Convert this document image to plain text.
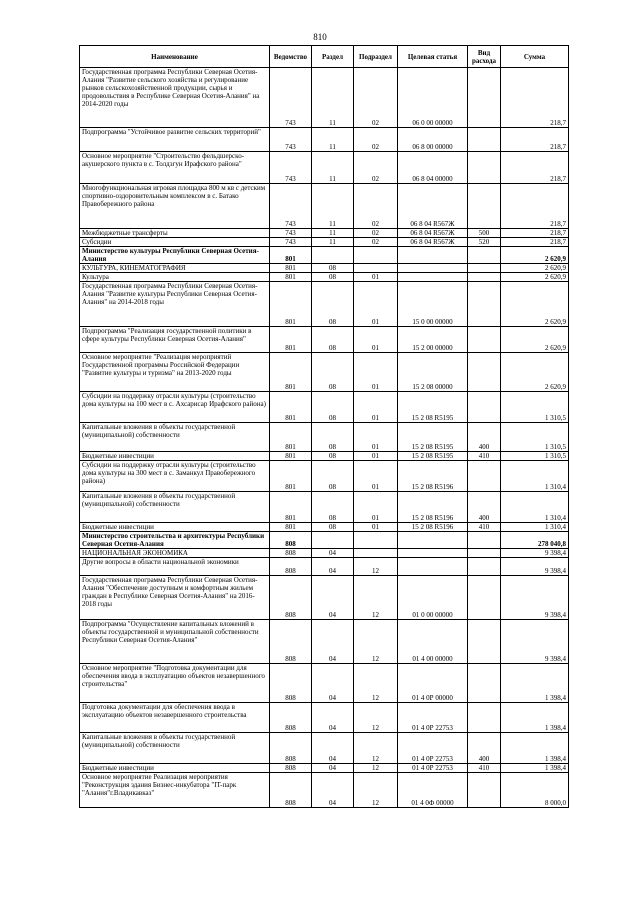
810
Наименование	Ведомство	Раздел	Подраздел	Целевая статья	Вид расхода	Сумма
Государственная программа Республики Северная Осетия-Алания "Развитие сельского хозяйства и регулирование рынков сельскохозяйственной продукции, сырья и продовольствия в Республике Северная Осетия-Алания" на 2014-2020 годы	743	11	02	06 0 00 00000		218,7
Подпрограмма "Устойчивое развитие сельских территорий"	743	11	02	06 8 00 00000		218,7
Основное мероприятие "Строительство фельдшерско-акушерского пункта в с. Толдзгун Ирафского района"	743	11	02	06 8 04 00000		218,7
Многофункциональная игровая площадка 800 м кв с детским спортивно-оздоровительным комплексом в с. Батако Правобережного района	743	11	02	06 8 04 R567Ж		218,7
Межбюджетные трансферты	743	11	02	06 8 04 R567Ж	500	218,7
Субсидии	743	11	02	06 8 04 R567Ж	520	218,7
Министерство культуры Республики Северная Осетия-Алания	801					2 620,9
КУЛЬТУРА, КИНЕМАТОГРАФИЯ	801	08				2 620,9
Культура	801	08	01			2 620,9
Государственная программа Республики Северная Осетия-Алания "Развитие культуры Республики Северная Осетия-Алания" на 2014-2018 годы	801	08	01	15 0 00 00000		2 620,9
Подпрограмма "Реализация государственной политики в сфере культуры Республики Северная Осетия-Алания"	801	08	01	15 2 00 00000		2 620,9
Основное мероприятие "Реализация мероприятий Государственной программы Российской Федерации "Развитие культуры и туризма" на 2013-2020 годы	801	08	01	15 2 08 00000		2 620,9
Субсидии на поддержку отрасли культуры (строительство дома культуры на 100 мест в с. Ахсарисар Ирафского района)	801	08	01	15 2 08 R5195		1 310,5
Капитальные вложения в объекты государственной (муниципальной) собственности	801	08	01	15 2 08 R5195	400	1 310,5
Бюджетные инвестиции	801	08	01	15 2 08 R5195	410	1 310,5
Субсидии на поддержку отрасли культуры (строительство дома культуры на 300 мест в с. Заманкул Правобережного района)	801	08	01	15 2 08 R5196		1 310,4
Капитальные вложения в объекты государственной (муниципальной) собственности	801	08	01	15 2 08 R5196	400	1 310,4
Бюджетные инвестиции	801	08	01	15 2 08 R5196	410	1 310,4
Министерство строительства и архитектуры Республики Северная Осетия-Алания	808					278 040,8
НАЦИОНАЛЬНАЯ ЭКОНОМИКА	808	04				9 398,4
Другие вопросы в области национальной экономики	808	04	12			9 398,4
Государственная программа Республики Северная Осетия-Алания "Обеспечение доступным и комфортным жильем граждан в Республике Северная Осетия-Алания" на 2016-2018 годы	808	04	12	01 0 00 00000		9 398,4
Подпрограмма "Осуществление капитальных вложений в объекты государственной и муниципальной собственности Республики Северная Осетия-Алания"	808	04	12	01 4 00 00000		9 398,4
Основное мероприятие "Подготовка документации для обеспечения ввода в эксплуатацию объектов незавершенного строительства"	808	04	12	01 4 0Р 00000		1 398,4
Подготовка документации для обеспечения ввода в эксплуатацию объектов незавершенного строительства	808	04	12	01 4 0Р 22753		1 398,4
Капитальные вложения в объекты государственной (муниципальной) собственности	808	04	12	01 4 0Р 22753	400	1 398,4
Бюджетные инвестиции	808	04	12	01 4 0Р 22753	410	1 398,4
Основное мероприятие Реализация мероприятия "Реконструкция здания Бизнес-инкубатора "IT-парк "Алания"г.Владикавказ"	808	04	12	01 4 0Ф 00000		8 000,0
